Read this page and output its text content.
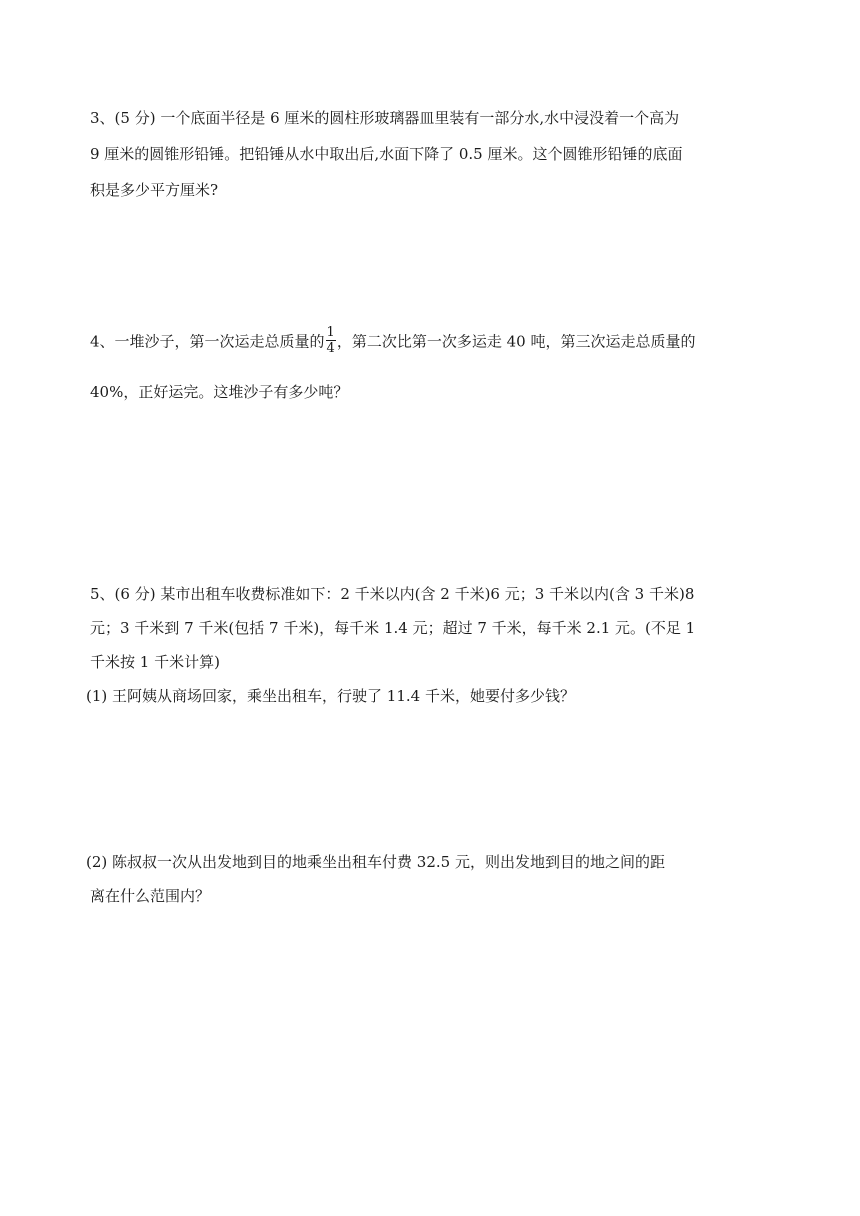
3、(5 分) 一个底面半径是 6 厘米的圆柱形玻璃器皿里装有一部分水,水中浸没着一个高为
9 厘米的圆锥形铅锤。把铅锤从水中取出后,水面下降了 0.5 厘米。这个圆锥形铅锤的底面
积是多少平方厘米?
4、一堆沙子，第一次运走总质量的 $\frac{1}{4}$ ，第二次比第一次多运走 40 吨，第三次运走总质量的
40%，正好运完。这堆沙子有多少吨？
5、(6 分) 某市出租车收费标准如下：2 千米以内(含 2 千米)6 元；3 千米以内(含 3 千米)8
元；3 千米到 7 千米(包括 7 千米)，每千米 1.4 元；超过 7 千米，每千米 2.1 元。(不足 1
千米按 1 千米计算)
(1) 王阿姨从商场回家，乘坐出租车，行驶了 11.4 千米，她要付多少钱？
(2) 陈叔叔一次从出发地到目的地乘坐出租车付费 32.5 元，则出发地到目的地之间的距
离在什么范围内？
